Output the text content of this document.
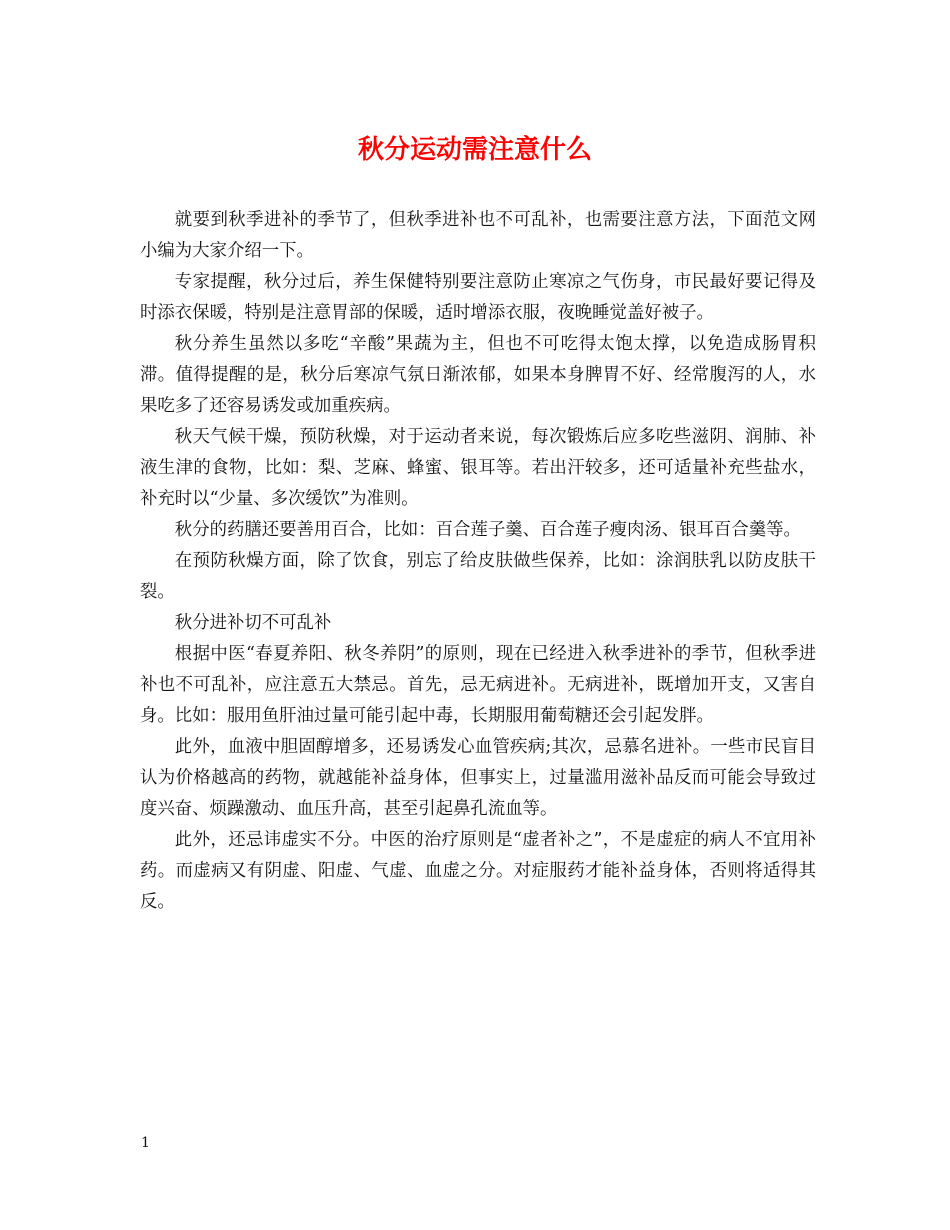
秋分运动需注意什么

就要到秋季进补的季节了，但秋季进补也不可乱补，也需要注意方法，下面范文网小编为大家介绍一下。

专家提醒，秋分过后，养生保健特别要注意防止寒凉之气伤身，市民最好要记得及时添衣保暖，特别是注意胃部的保暖，适时增添衣服，夜晚睡觉盖好被子。

秋分养生虽然以多吃“辛酸”果蔬为主，但也不可吃得太饱太撑，以免造成肠胃积滞。值得提醒的是，秋分后寒凉气氛日渐浓郁，如果本身脾胃不好、经常腹泻的人，水果吃多了还容易诱发或加重疾病。

秋天气候干燥，预防秋燥，对于运动者来说，每次锻炼后应多吃些滋阴、润肺、补液生津的食物，比如：梨、芝麻、蜂蜜、银耳等。若出汗较多，还可适量补充些盐水，补充时以“少量、多次缓饮”为准则。

秋分的药膳还要善用百合，比如：百合莲子羹、百合莲子瘦肉汤、银耳百合羹等。

在预防秋燥方面，除了饮食，别忘了给皮肤做些保养，比如：涂润肤乳以防皮肤干裂。

秋分进补切不可乱补

根据中医“春夏养阳、秋冬养阴”的原则，现在已经进入秋季进补的季节，但秋季进补也不可乱补，应注意五大禁忌。首先，忌无病进补。无病进补，既增加开支，又害自身。比如：服用鱼肝油过量可能引起中毒，长期服用葡萄糖还会引起发胖。

此外，血液中胆固醇增多，还易诱发心血管疾病;其次，忌慕名进补。一些市民盲目认为价格越高的药物，就越能补益身体，但事实上，过量滥用滋补品反而可能会导致过度兴奋、烦躁激动、血压升高，甚至引起鼻孔流血等。

此外，还忌讳虚实不分。中医的治疗原则是“虚者补之”，不是虚症的病人不宜用补药。而虚病又有阴虚、阳虚、气虚、血虚之分。对症服药才能补益身体，否则将适得其反。

1
